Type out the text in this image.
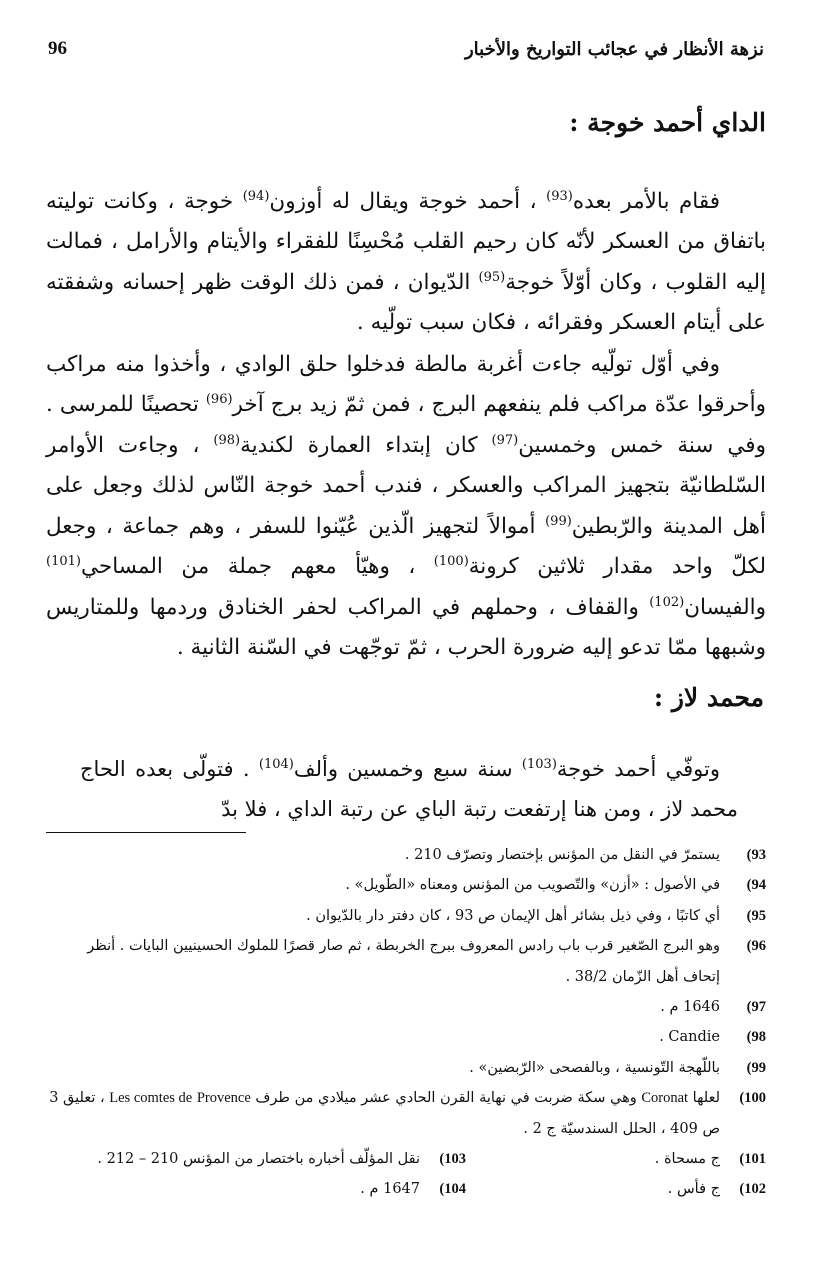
نزهة الأنظار في عجائب التواريخ والأخبار
96
الداي أحمد خوجة :

فقام بالأمر بعده$^{(93)}$ ، أحمد خوجة ويقال له أوزون$^{(94)}$ خوجة ، وكانت توليته باتفاق من العسكر لأنّه كان رحيم القلب مُحْسِنًا للفقراء والأيتام والأرامل ، فمالت إليه القلوب ، وكان أوّلاً خوجة$^{(95)}$ الدّيوان ، فمن ذلك الوقت ظهر إحسانه وشفقته على أيتام العسكر وفقرائه ، فكان سبب تولّيه .

وفي أوّل تولّيه جاءت أغربة مالطة فدخلوا حلق الوادي ، وأخذوا منه مراكب وأحرقوا عدّة مراكب فلم ينفعهم البرج ، فمن ثمّ زيد برج آخر$^{(96)}$ تحصينًا للمرسى . وفي سنة خمس وخمسين$^{(97)}$ كان إبتداء العمارة لكندية$^{(98)}$ ، وجاءت الأوامر السّلطانيّة بتجهيز المراكب والعسكر ، فندب أحمد خوجة النّاس لذلك وجعل على أهل المدينة والرّبطين$^{(99)}$ أموالاً لتجهيز الّذين عُيّنوا للسفر ، وهم جماعة ، وجعل لكلّ واحد مقدار ثلاثين كرونة$^{(100)}$ ، وهيّأ معهم جملة من المساحي$^{(101)}$ والفيسان$^{(102)}$ والقفاف ، وحملهم في المراكب لحفر الخنادق وردمها وللمتاريس وشبهها ممّا تدعو إليه ضرورة الحرب ، ثمّ توجّهت في السّنة الثانية .

محمد لاز :

وتوفّي أحمد خوجة$^{(103)}$ سنة سبع وخمسين وألف$^{(104)}$ . فتولّى بعده الحاج محمد لاز ، ومن هنا إرتفعت رتبة الباي عن رتبة الداي ، فلا بدّ

93)
يستمرّ في النقل من المؤنس بإختصار وتصرّف 210 .
94)
في الأصول : «أزن» والتّصويب من المؤنس ومعناه «الطّويل» .
95)
أي كاتبًا ، وفي ذيل بشائر أهل الإيمان ص 93 ، كان دفتر دار بالدّيوان .
96)
وهو البرج الصّغير قرب باب رادس المعروف ببرج الخربطة ، ثم صار قصرًا للملوك الحسينيين البايات . أنظر إتحاف أهل الزّمان 38/2 .
97)
1646 م .
98)
Candie .
99)
باللّهجة التّونسية ، وبالفصحى «الرّبضين» .
100)
لعلها Coronat وهي سكة ضربت في نهاية القرن الحادي عشر ميلادي من طرف Les comtes de Provence ، تعليق 3 ص 409 ، الحلل السندسيّة ج 2 .
101)
ج مسحاة .
103)
نقل المؤلّف أخباره باختصار من المؤنس 210 – 212 .
102)
ج فأس .
104)
1647 م .
